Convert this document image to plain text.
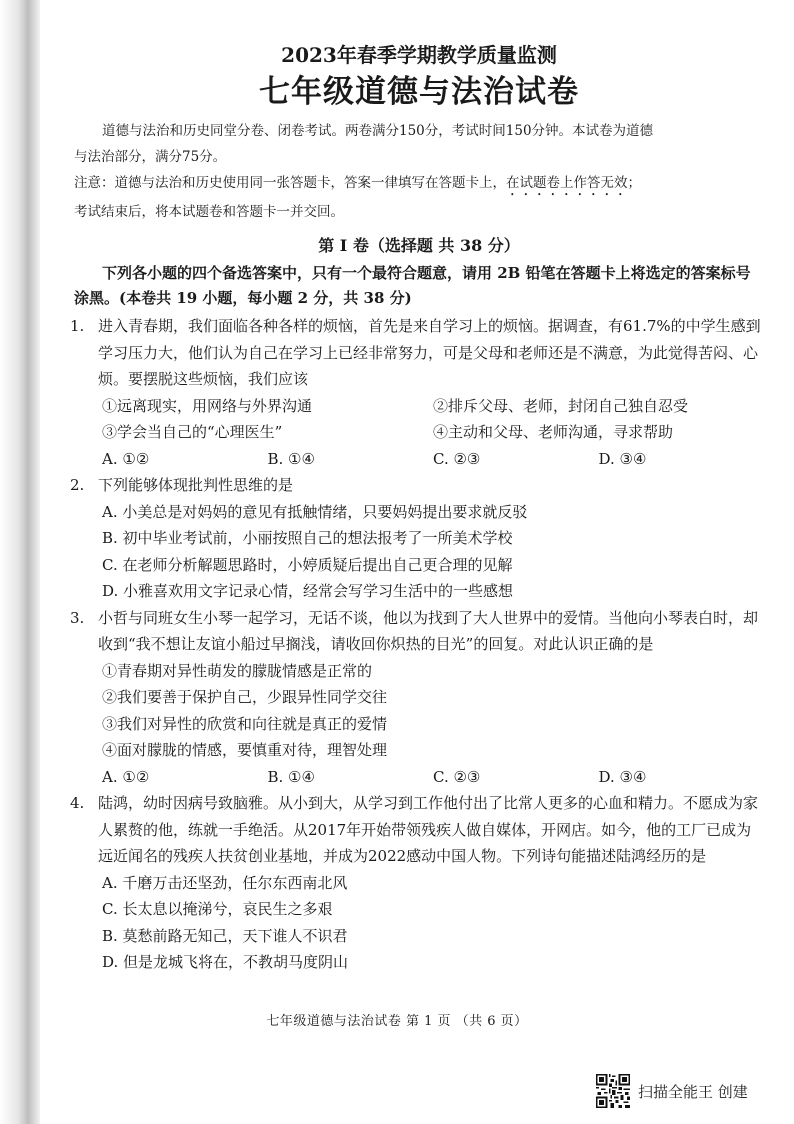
2023年春季学期教学质量监测
七年级道德与法治试卷
道德与法治和历史同堂分卷、闭卷考试。两卷满分150分，考试时间150分钟。本试卷为道德
与法治部分，满分75分。
注意：道德与法治和历史使用同一张答题卡，答案一律填写在答题卡上，在试题卷上作答无效；
考试结束后，将本试题卷和答题卡一并交回。
第 I 卷（选择题 共 38 分）

下列各小题的四个备选答案中，只有一个最符合题意，请用 2B 铅笔在答题卡上将选定的答案标号涂黑。(本卷共 19 小题，每小题 2 分，共 38 分)

1. 进入青春期，我们面临各种各样的烦恼，首先是来自学习上的烦恼。据调查，有61.7%的中学生感到学习压力大，他们认为自己在学习上已经非常努力，可是父母和老师还是不满意，为此觉得苦闷、心烦。要摆脱这些烦恼，我们应该
①远离现实，用网络与外界沟通	②排斥父母、老师，封闭自己独自忍受
③学会当自己的“心理医生”	④主动和父母、老师沟通，寻求帮助
A. ①②	B. ①④	C. ②③	D. ③④
2. 下列能够体现批判性思维的是
A. 小美总是对妈妈的意见有抵触情绪，只要妈妈提出要求就反驳
B. 初中毕业考试前，小丽按照自己的想法报考了一所美术学校
C. 在老师分析解题思路时，小婷质疑后提出自己更合理的见解
D. 小雅喜欢用文字记录心情，经常会写学习生活中的一些感想
3. 小哲与同班女生小琴一起学习，无话不谈，他以为找到了大人世界中的爱情。当他向小琴表白时，却收到“我不想让友谊小船过早搁浅，请收回你炽热的目光”的回复。对此认识正确的是
①青春期对异性萌发的朦胧情感是正常的
②我们要善于保护自己，少跟异性同学交往
③我们对异性的欣赏和向往就是真正的爱情
④面对朦胧的情感，要慎重对待，理智处理
A. ①②	B. ①④	C. ②③	D. ③④
4. 陆鸿，幼时因病号致脑雅。从小到大，从学习到工作他付出了比常人更多的心血和精力。不愿成为家人累赘的他，练就一手绝活。从2017年开始带领残疾人做自媒体，开网店。如今，他的工厂已成为远近闻名的残疾人扶贫创业基地，并成为2022感动中国人物。下列诗句能描述陆鸿经历的是
A. 千磨万击还坚劲，任尔东西南北风
C. 长太息以掩涕兮，哀民生之多艰
B. 莫愁前路无知己，天下谁人不识君
D. 但是龙城飞将在，不教胡马度阴山
七年级道德与法治试卷 第 1 页 （共 6 页）
扫描全能王 创建
